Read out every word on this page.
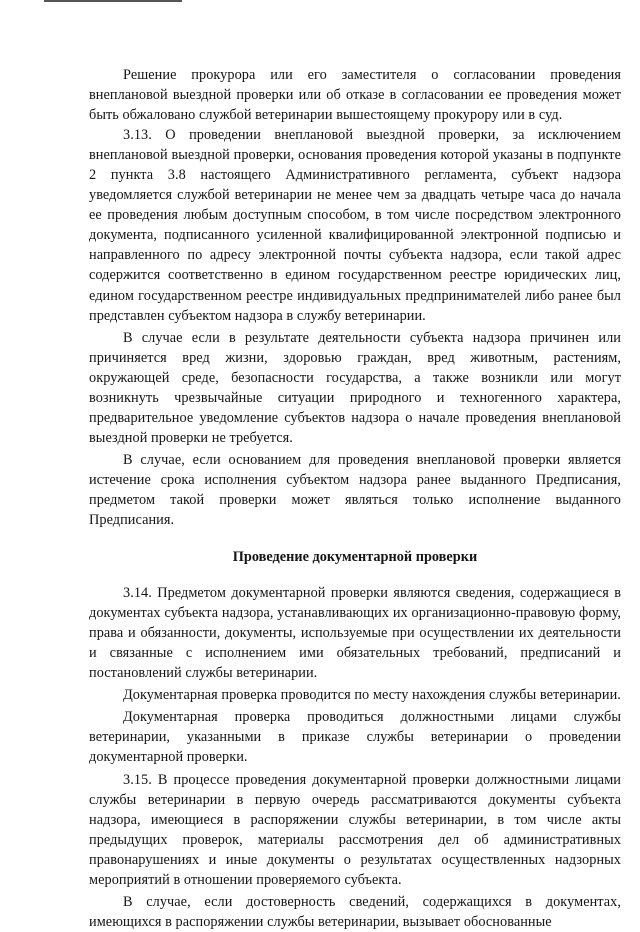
Решение прокурора или его заместителя о согласовании проведения внеплановой выездной проверки или об отказе в согласовании ее проведения может быть обжаловано службой ветеринарии вышестоящему прокурору или в суд.

3.13. О проведении внеплановой выездной проверки, за исключением внеплановой выездной проверки, основания проведения которой указаны в подпункте 2 пункта 3.8 настоящего Административного регламента, субъект надзора уведомляется службой ветеринарии не менее чем за двадцать четыре часа до начала ее проведения любым доступным способом, в том числе посредством электронного документа, подписанного усиленной квалифицированной электронной подписью и направленного по адресу электронной почты субъекта надзора, если такой адрес содержится соответственно в едином государственном реестре юридических лиц, едином государственном реестре индивидуальных предпринимателей либо ранее был представлен субъектом надзора в службу ветеринарии.

В случае если в результате деятельности субъекта надзора причинен или причиняется вред жизни, здоровью граждан, вред животным, растениям, окружающей среде, безопасности государства, а также возникли или могут возникнуть чрезвычайные ситуации природного и техногенного характера, предварительное уведомление субъектов надзора о начале проведения внеплановой выездной проверки не требуется.

В случае, если основанием для проведения внеплановой проверки является истечение срока исполнения субъектом надзора ранее выданного Предписания, предметом такой проверки может являться только исполнение выданного Предписания.

Проведение документарной проверки

3.14. Предметом документарной проверки являются сведения, содержащиеся в документах субъекта надзора, устанавливающих их организационно-правовую форму, права и обязанности, документы, используемые при осуществлении их деятельности и связанные с исполнением ими обязательных требований, предписаний и постановлений службы ветеринарии.

Документарная проверка проводится по месту нахождения службы ветеринарии.

Документарная проверка проводиться должностными лицами службы ветеринарии, указанными в приказе службы ветеринарии о проведении документарной проверки.

3.15. В процессе проведения документарной проверки должностными лицами службы ветеринарии в первую очередь рассматриваются документы субъекта надзора, имеющиеся в распоряжении службы ветеринарии, в том числе акты предыдущих проверок, материалы рассмотрения дел об административных правонарушениях и иные документы о результатах осуществленных надзорных мероприятий в отношении проверяемого субъекта.

В случае, если достоверность сведений, содержащихся в документах, имеющихся в распоряжении службы ветеринарии, вызывает обоснованные
